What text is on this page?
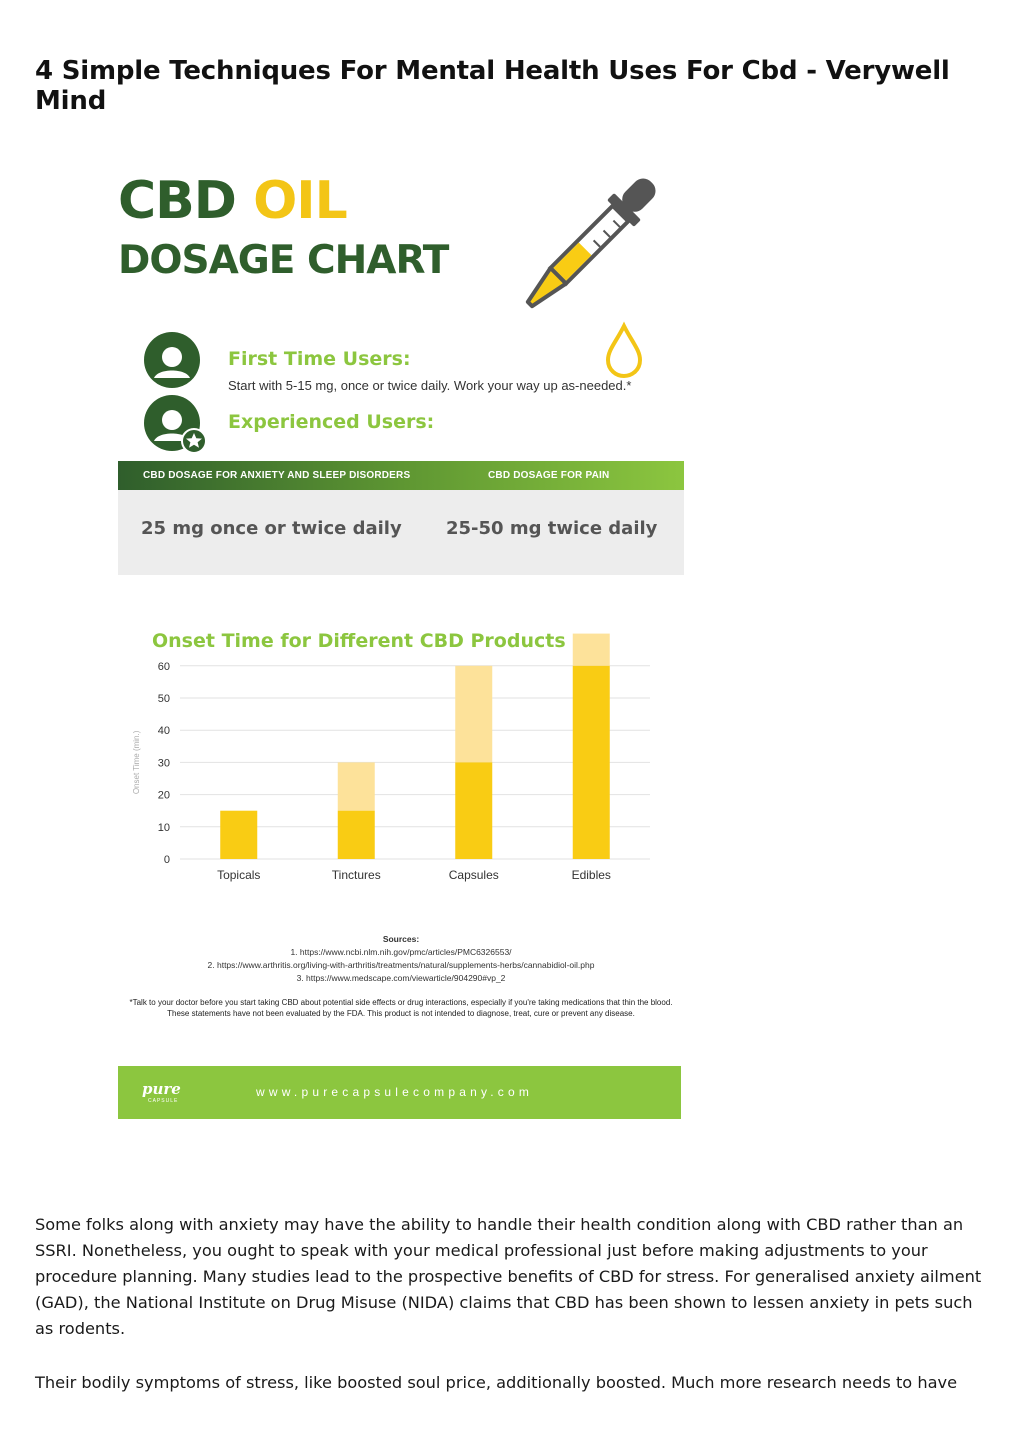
4 Simple Techniques For Mental Health Uses For Cbd - Verywell Mind
CBD OIL
DOSAGE CHART
First Time Users:
Start with 5-15 mg, once or twice daily. Work your way up as-needed.*
Experienced Users:
CBD DOSAGE FOR ANXIETY AND SLEEP DISORDERS	CBD DOSAGE FOR PAIN
25 mg once or twice daily 25-50 mg twice daily
Onset Time for Different CBD Products
0
10
20
30
40
50
60
Onset Time (min.)
Topicals	Tinctures	Capsules	Edibles
Sources:
1. https://www.ncbi.nlm.nih.gov/pmc/articles/PMC6326553/
2. https://www.arthritis.org/living-with-arthritis/treatments/natural/supplements-herbs/cannabidiol-oil.php
3. https://www.medscape.com/viewarticle/904290#vp_2
*Talk to your doctor before you start taking CBD about potential side effects or drug interactions, especially if you're taking medications that thin the blood.
These statements have not been evaluated by the FDA. This product is not intended to diagnose, treat, cure or prevent any disease.
pure
CAPSULE
www.purecapsulecompany.com

Some folks along with anxiety may have the ability to handle their health condition along with CBD rather than an SSRI. Nonetheless, you ought to speak with your medical professional just before making adjustments to your procedure planning. Many studies lead to the prospective benefits of CBD for stress. For generalised anxiety ailment (GAD), the National Institute on Drug Misuse (NIDA) claims that CBD has been shown to lessen anxiety in pets such as rodents.

Their bodily symptoms of stress, like boosted soul price, additionally boosted. Much more research needs to have
